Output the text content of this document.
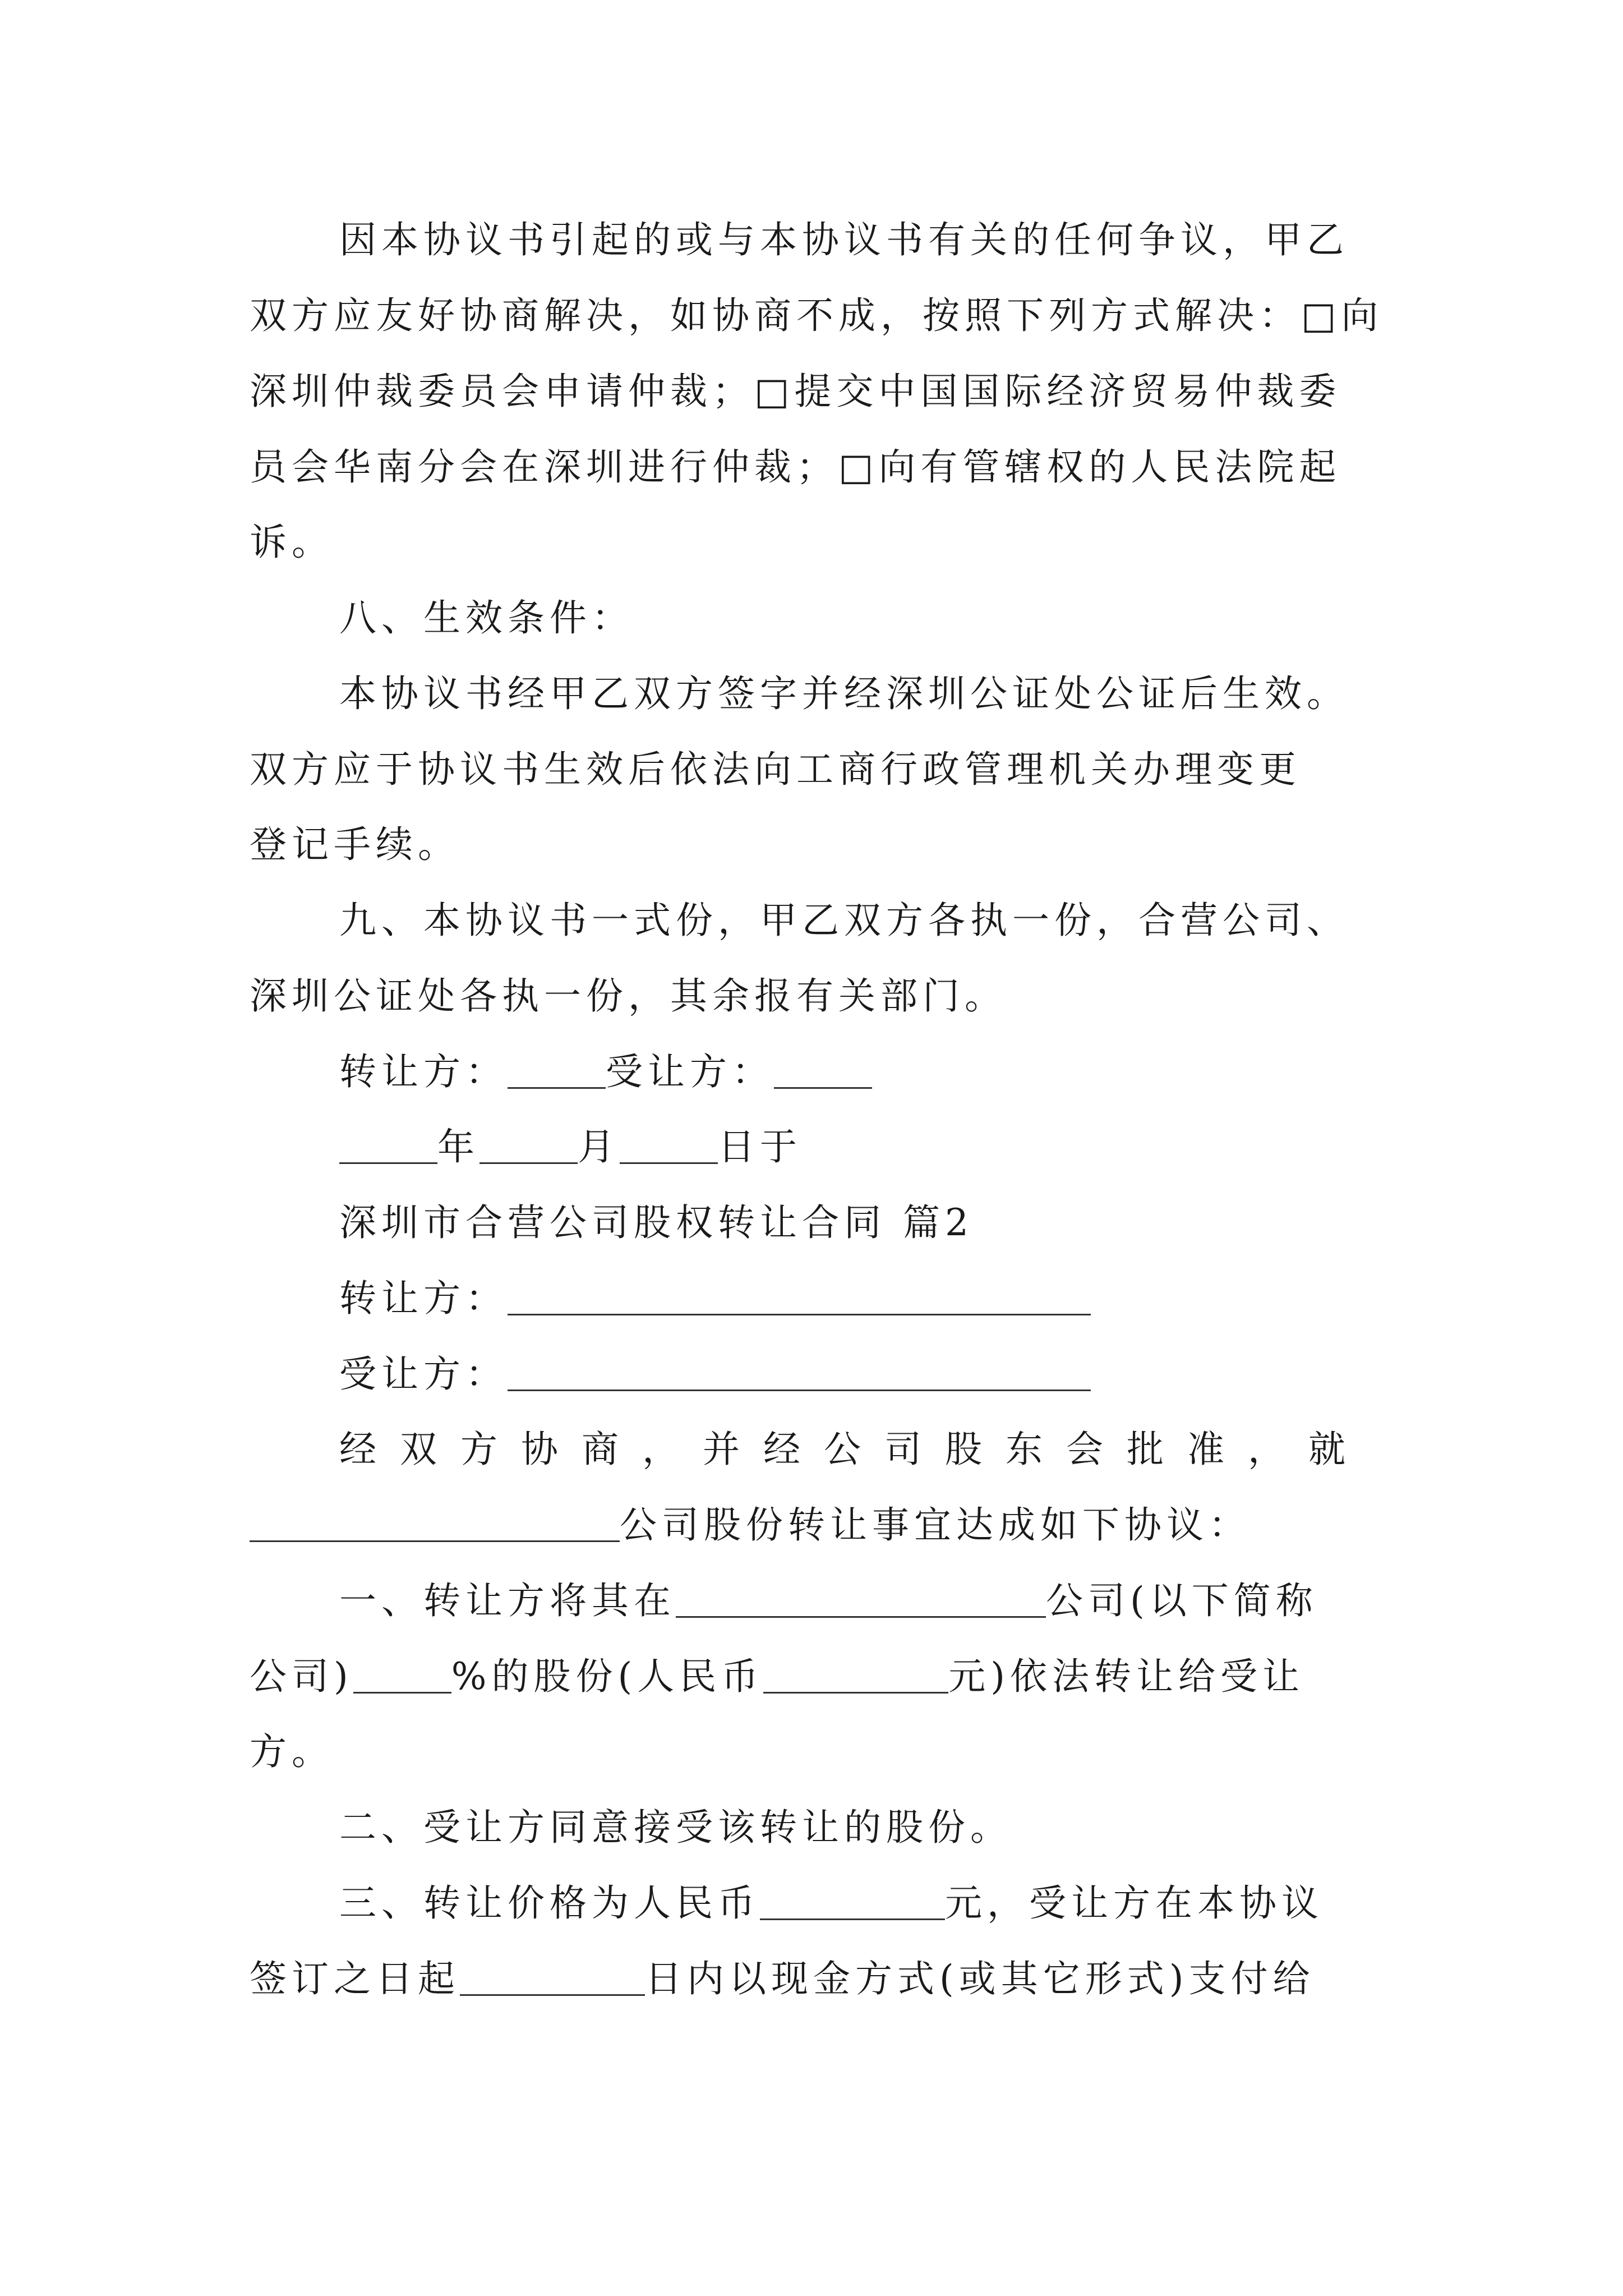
因本协议书引起的或与本协议书有关的任何争议，甲乙
双方应友好协商解决，如协商不成，按照下列方式解决：□向
深圳仲裁委员会申请仲裁；□提交中国国际经济贸易仲裁委
员会华南分会在深圳进行仲裁；□向有管辖权的人民法院起
诉。
八、生效条件：
本协议书经甲乙双方签字并经深圳公证处公证后生效。
双方应于协议书生效后依法向工商行政管理机关办理变更
登记手续。
九、本协议书一式份，甲乙双方各执一份，合营公司、
深圳公证处各执一份，其余报有关部门。
转让方：	受让方：
年	月	日于
深圳市合营公司股权转让合同 篇2
转让方：
受让方：
经双方协商，并经公司股东会批准，就
公司股份转让事宜达成如下协议：
一、转让方将其在	公司(以下简称
公司)	%的股份(人民币	元)依法转让给受让
方。
二、受让方同意接受该转让的股份。
三、转让价格为人民币	元，受让方在本协议
签订之日起	日内以现金方式(或其它形式)支付给
